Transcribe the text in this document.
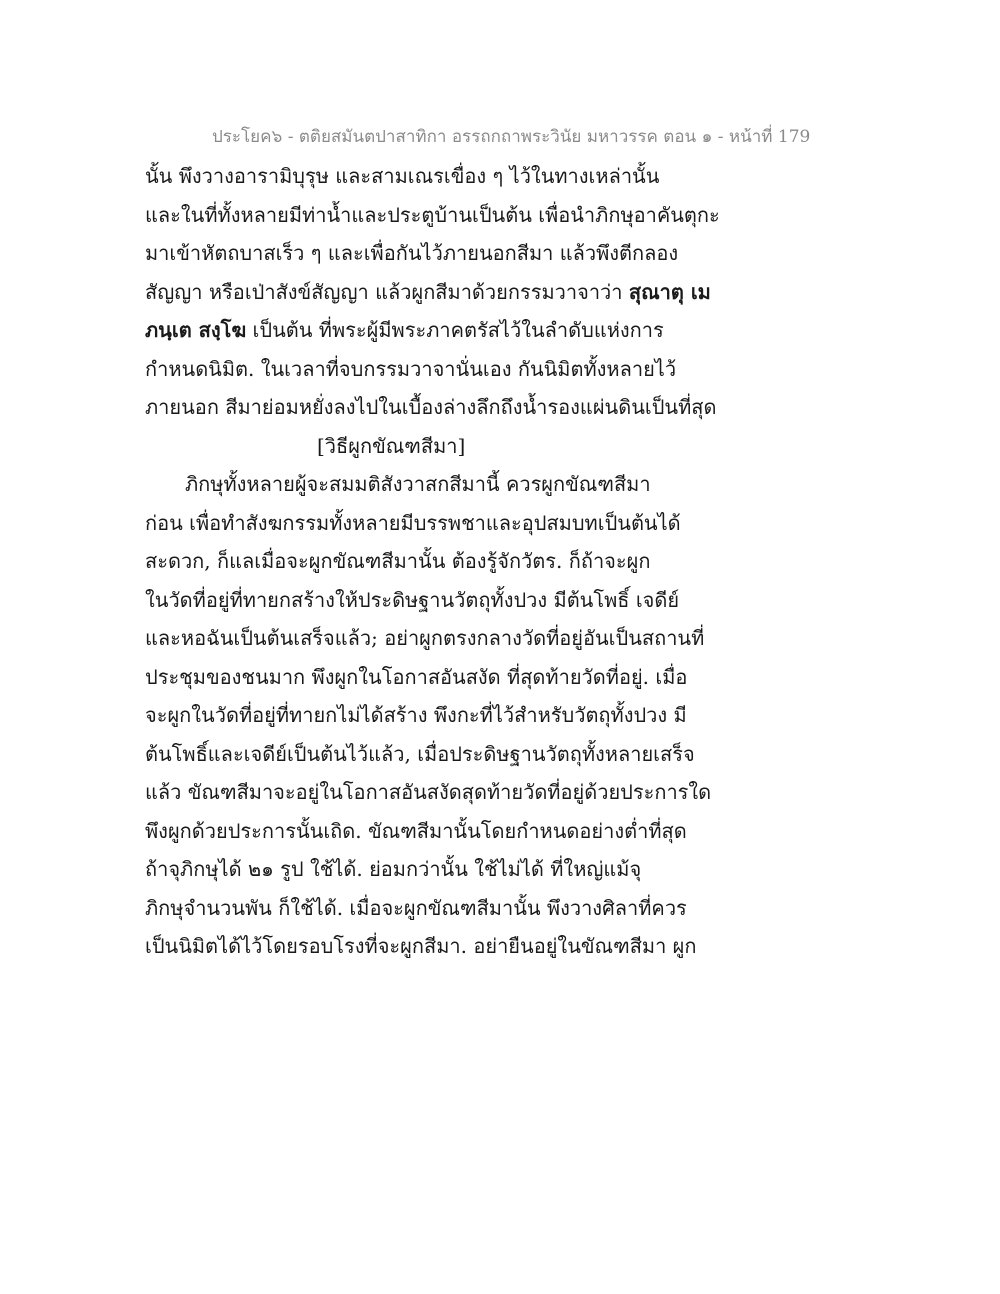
ประโยค๖ - ตติยสมันตปาสาทิกา อรรถกถาพระวินัย มหาวรรค ตอน ๑ - หน้าที่ 179
นั้น พึงวางอารามิบุรุษ และสามเณรเขื่อง ๆ ไว้ในทางเหล่านั้น
และในที่ทั้งหลายมีท่าน้ำและประตูบ้านเป็นต้น เพื่อนำภิกษุอาคันตุกะ
มาเข้าหัตถบาสเร็ว ๆ และเพื่อกันไว้ภายนอกสีมา แล้วพึงตีกลอง
สัญญา หรือเป่าสังข์สัญญา แล้วผูกสีมาด้วยกรรมวาจาว่า สุณาตุ เม
ภนฺเต สงฺโฆ เป็นต้น ที่พระผู้มีพระภาคตรัสไว้ในลำดับแห่งการ
กำหนดนิมิต. ในเวลาที่จบกรรมวาจานั่นเอง กันนิมิตทั้งหลายไว้
ภายนอก สีมาย่อมหยั่งลงไปในเบื้องล่างลึกถึงน้ำรองแผ่นดินเป็นที่สุด
[วิธีผูกขัณฑสีมา]
ภิกษุทั้งหลายผู้จะสมมติสังวาสกสีมานี้ ควรผูกขัณฑสีมา
ก่อน เพื่อทำสังฆกรรมทั้งหลายมีบรรพชาและอุปสมบทเป็นต้นได้
สะดวก, ก็แลเมื่อจะผูกขัณฑสีมานั้น ต้องรู้จักวัตร. ก็ถ้าจะผูก
ในวัดที่อยู่ที่ทายกสร้างให้ประดิษฐานวัตถุทั้งปวง มีต้นโพธิ์ เจดีย์
และหอฉันเป็นต้นเสร็จแล้ว; อย่าผูกตรงกลางวัดที่อยู่อันเป็นสถานที่
ประชุมของชนมาก พึงผูกในโอกาสอันสงัด ที่สุดท้ายวัดที่อยู่. เมื่อ
จะผูกในวัดที่อยู่ที่ทายกไม่ได้สร้าง พึงกะที่ไว้สำหรับวัตถุทั้งปวง มี
ต้นโพธิ์และเจดีย์เป็นต้นไว้แล้ว, เมื่อประดิษฐานวัตถุทั้งหลายเสร็จ
แล้ว ขัณฑสีมาจะอยู่ในโอกาสอันสงัดสุดท้ายวัดที่อยู่ด้วยประการใด
พึงผูกด้วยประการนั้นเถิด. ขัณฑสีมานั้นโดยกำหนดอย่างต่ำที่สุด
ถ้าจุภิกษุได้ ๒๑ รูป ใช้ได้. ย่อมกว่านั้น ใช้ไม่ได้ ที่ใหญ่แม้จุ
ภิกษุจำนวนพัน ก็ใช้ได้. เมื่อจะผูกขัณฑสีมานั้น พึงวางศิลาที่ควร
เป็นนิมิตได้ไว้โดยรอบโรงที่จะผูกสีมา. อย่ายืนอยู่ในขัณฑสีมา ผูก
